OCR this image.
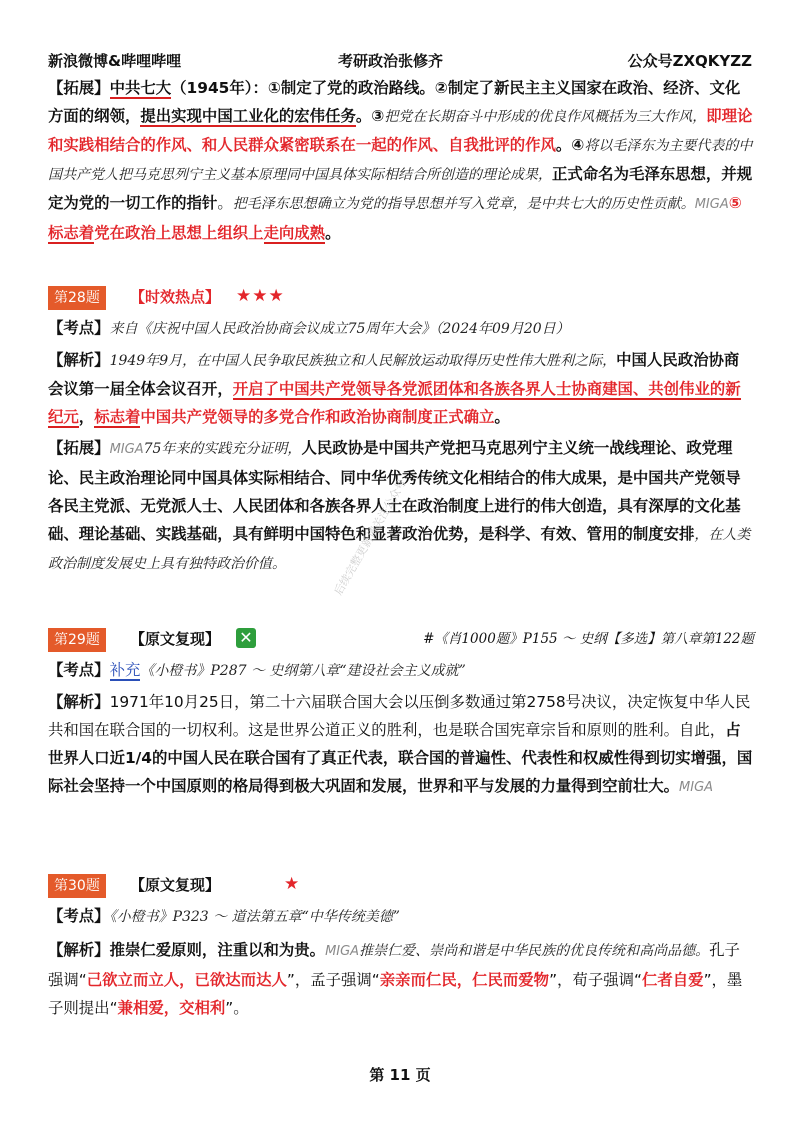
新浪微博&哔哩哔哩	考研政治张修齐	公众号ZXQKYZZ
【拓展】中共七大（1945年）：①制定了党的政治路线。②制定了新民主主义国家在政治、经济、文化方面的纲领，提出实现中国工业化的宏伟任务。③把党在长期奋斗中形成的优良作风概括为三大作风，即理论和实践相结合的作风、和人民群众紧密联系在一起的作风、自我批评的作风。④将以毛泽东为主要代表的中国共产党人把马克思列宁主义基本原理同中国具体实际相结合所创造的理论成果，正式命名为毛泽东思想，并规定为党的一切工作的指针。把毛泽东思想确立为党的指导思想并写入党章，是中共七大的历史性贡献。MIGA⑤标志着党在政治上思想上组织上走向成熟。
第28题	【时效热点】 ★★★
【考点】来自《庆祝中国人民政治协商会议成立75周年大会》（2024年09月20日）
【解析】1949年9月，在中国人民争取民族独立和人民解放运动取得历史性伟大胜利之际，中国人民政治协商会议第一届全体会议召开，开启了中国共产党领导各党派团体和各族各界人士协商建国、共创伟业的新纪元，标志着中国共产党领导的多党合作和政治协商制度正式确立。
【拓展】MIGA75年来的实践充分证明，人民政协是中国共产党把马克思列宁主义统一战线理论、政党理论、民主政治理论同中国具体实际相结合、同中华优秀传统文化相结合的伟大成果，是中国共产党领导各民主党派、无党派人士、人民团体和各族各界人士在政治制度上进行的伟大创造，具有深厚的文化基础、理论基础、实践基础，具有鲜明中国特色和显著政治优势，是科学、有效、管用的制度安排，在人类政治制度发展史上具有独特政治价值。
第29题	【原文复现】 ✕	#《肖1000题》P155 ～ 史纲【多选】第八章第122题
【考点】补充《小橙书》P287 ～ 史纲第八章“建设社会主义成就”
【解析】1971年10月25日，第二十六届联合国大会以压倒多数通过第2758号决议，决定恢复中华人民共和国在联合国的一切权利。这是世界公道正义的胜利，也是联合国宪章宗旨和原则的胜利。自此，占世界人口近1/4的中国人民在联合国有了真正代表，联合国的普遍性、代表性和权威性得到切实增强，国际社会坚持一个中国原则的格局得到极大巩固和发展，世界和平与发展的力量得到空前壮大。MIGA
后续完整更新请关注公众号
第30题	【原文复现】	★
【考点】《小橙书》P323 ～ 道法第五章“中华传统美德”
【解析】推崇仁爱原则，注重以和为贵。MIGA推崇仁爱、崇尚和谐是中华民族的优良传统和高尚品德。孔子强调“己欲立而立人，已欲达而达人”，孟子强调“亲亲而仁民，仁民而爱物”，荀子强调“仁者自爱”，墨子则提出“兼相爱，交相利”。
第 11 页
